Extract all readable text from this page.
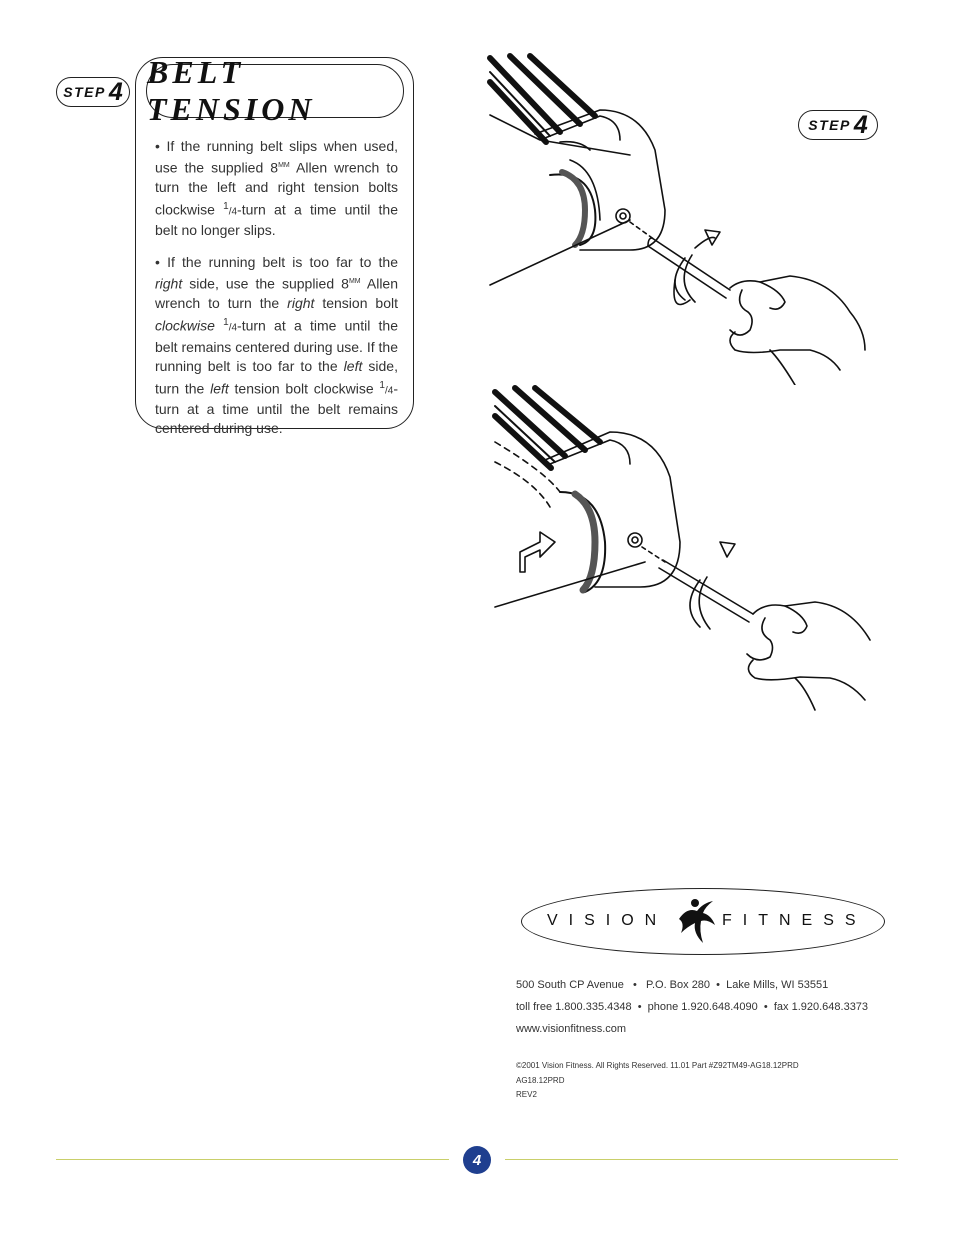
STEP 4
BELT TENSION

• If the running belt slips when used, use the supplied $8^{MM}$ Allen wrench to turn the left and right tension bolts clockwise $^1$/4-turn at a time until the belt no longer slips.

• If the running belt is too far to the right side, use the supplied $8^{MM}$ Allen wrench to turn the right tension bolt clockwise $^1$/4-turn at a time until the belt remains centered during use. If the running belt is too far to the left side, turn the left tension bolt clockwise $^1$/4-turn at a time until the belt remains centered during use.

STEP 4
VISION	FITNESS
500 South CP Avenue   •   P.O. Box 280  •  Lake Mills, WI 53551
toll free 1.800.335.4348  •  phone 1.920.648.4090  •  fax 1.920.648.3373
www.visionfitness.com
©2001 Vision Fitness. All Rights Reserved. 11.01 Part #Z92TM49-AG18.12PRD
AG18.12PRD
REV2
4
